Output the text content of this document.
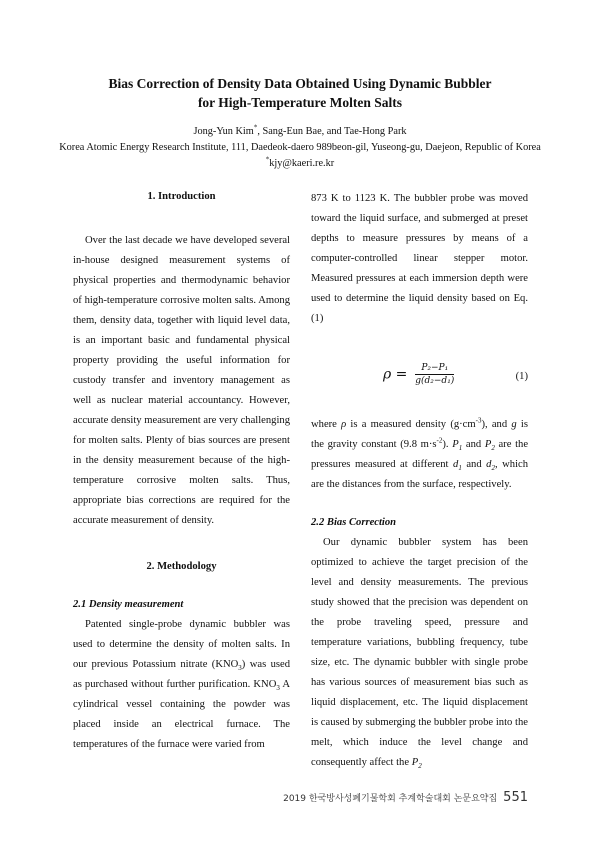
Bias Correction of Density Data Obtained Using Dynamic Bubbler
for High-Temperature Molten Salts
Jong-Yun Kim*, Sang-Eun Bae, and Tae-Hong Park
Korea Atomic Energy Research Institute, 111, Daedeok-daero 989beon-gil, Yuseong-gu, Daejeon, Republic of Korea
*kjy@kaeri.re.kr
1. Introduction

Over the last decade we have developed several in-house designed measurement systems of physical properties and thermodynamic behavior of high-temperature corrosive molten salts. Among them, density data, together with liquid level data, is an important basic and fundamental physical property providing the useful information for custody transfer and inventory management as well as nuclear material accountancy. However, accurate density measurement are very challenging for molten salts. Plenty of bias sources are present in the density measurement because of the high-temperature corrosive molten salts. Thus, appropriate bias corrections are required for the accurate measurement of density.

2. Methodology
2.1 Density measurement

Patented single-probe dynamic bubbler was used to determine the density of molten salts. In our previous Potassium nitrate $(KNO_3)$ was used as purchased without further purification. $KNO_3$ A cylindrical vessel containing the powder was placed inside an electrical furnace. The temperatures of the furnace were varied from

873 K to 1123 K. The bubbler probe was moved toward the liquid surface, and submerged at preset depths to measure pressures by means of a computer-controlled linear stepper motor. Measured pressures at each immersion depth were used to determine the liquid density based on Eq. (1)

$\rho = \frac{\text{P₂−P₁}}{\text{g(d₂−d₁)}}$	(1)

where ρ is a measured density $(g\cdot cm^{-3})$, and g is the gravity constant (9.8 $m\cdot s^{-2}$). $P_1$ and $P_2$ are the pressures measured at different $d_1$ and $d_2$, which are the distances from the surface, respectively.

2.2 Bias Correction

Our dynamic bubbler system has been optimized to achieve the target precision of the level and density measurements. The previous study showed that the precision was dependent on the probe traveling speed, pressure and temperature variations, bubbling frequency, tube size, etc. The dynamic bubbler with single probe has various sources of measurement bias such as liquid displacement, etc. The liquid displacement is caused by submerging the bubbler probe into the melt, which induce the level change and consequently affect the $P_2$

2019 한국방사성폐기물학회 추계학술대회 논문요약집 551
